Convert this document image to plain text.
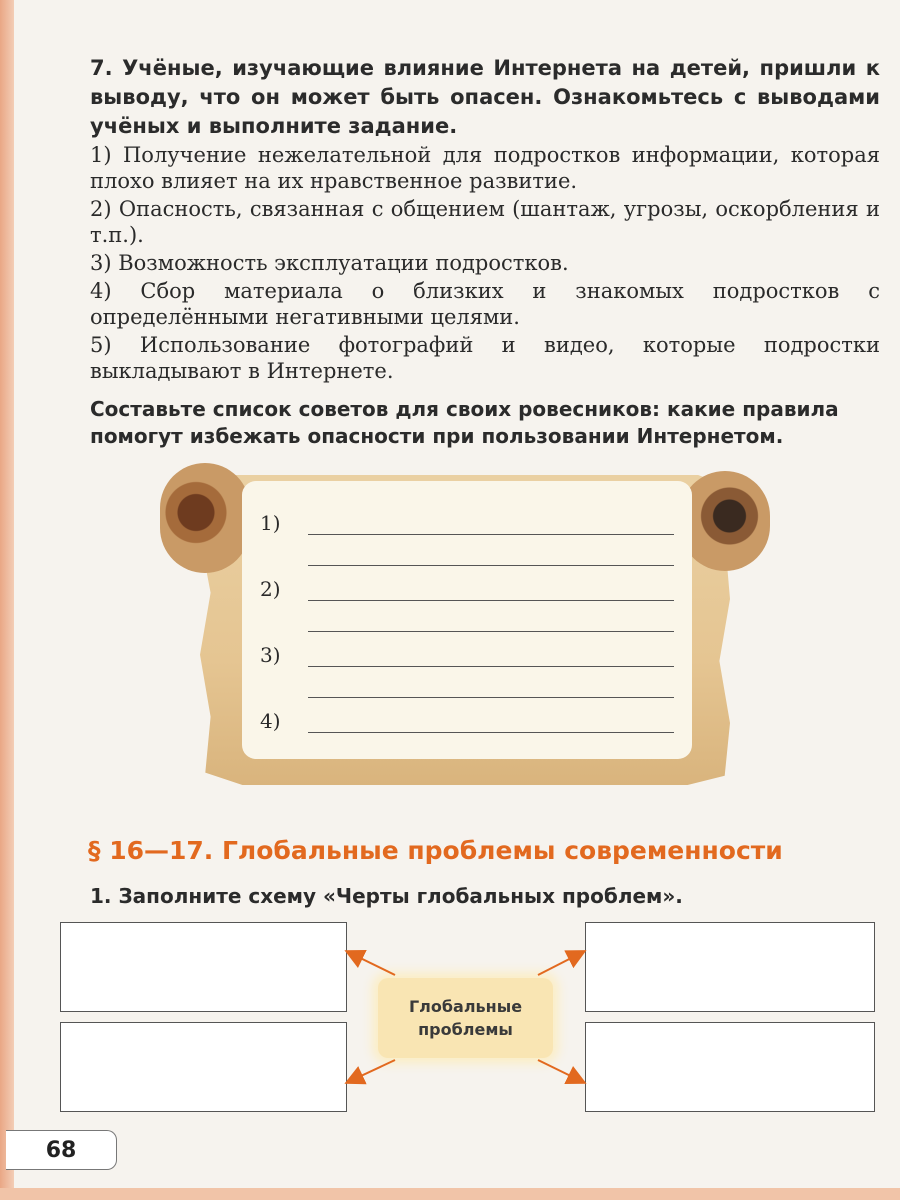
7. Учёные, изучающие влияние Интернета на детей, пришли к выводу, что он может быть опасен. Ознакомьтесь с выводами учёных и выполните задание.
1) Получение нежелательной для подростков информации, которая плохо влияет на их нравственное развитие.
2) Опасность, связанная с общением (шантаж, угрозы, оскорбления и т.п.).
3) Возможность эксплуатации подростков.
4) Сбор материала о близких и знакомых подростков с определёнными негативными целями.
5) Использование фотографий и видео, которые подростки выкладывают в Интернете.
Составьте список советов для своих ровесников: какие правила помогут избежать опасности при пользовании Интернетом.
1)
2)
3)
4)
§ 16—17. Глобальные проблемы современности
1. Заполните схему «Черты глобальных проблем».
Глобальные проблемы
68
